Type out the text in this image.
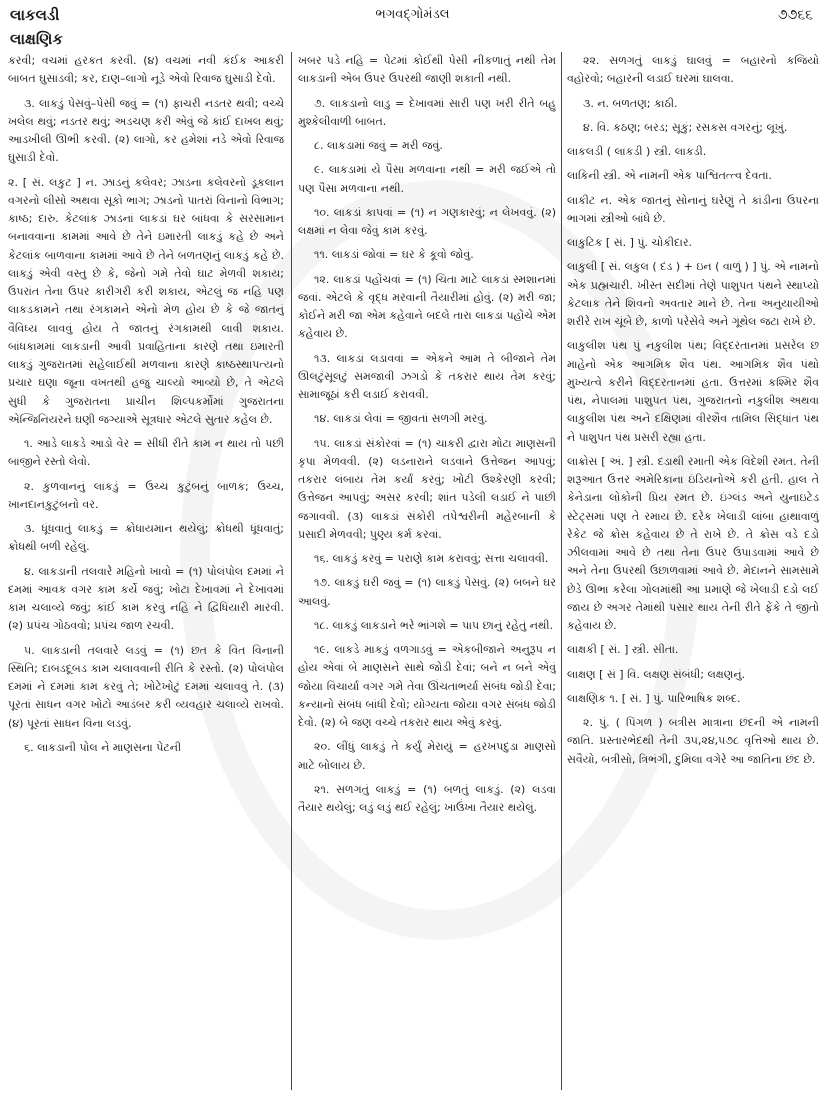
લાકલડી	ભગવદ્ગોમંડલ	૭૭૬૬
લાક્ષણિક

કરવી; વચમાં હરકત કરવી. (૪) વચમાં નવી કંઈક આકરી બાબત ઘુસાડવી; કર, દાણ–લાગો નૂડે એવો રિવાજ ઘુસાડી દેવો.

૩. લાકડું પેસવું–પેસી જવું = (૧) ફાચરી નડતર થવી; વચ્ચે ખલેલ થવું; નડતર થવું; અડચણ કરી એવું જે કાંઈ દાખલ થવું; આડખીલી ઊભી કરવી. (૨) લાગો, કર હમેશાં નડે એવો રિવાજ ઘુસાડી દેવો.

૨. [ સં. લકુટ ] ન. ઝાડનું કલેવર; ઝાડના કલેવરનો ડૂકલાન વગરનો લીસો અથવા સૂકો ભાગ; ઝાડનો પાતરાં વિનાનો વિભાગ; કાષ્ઠ; દારુ. કેટલાંક ઝાડનાં લાકડાં ઘર બાંધવા કે સરસામાન બનાવવાના કામમાં આવે છે તેને ઇમારતી લાકડું કહે છે અને કેટલાંક બાળવાના કામમાં આવે છે તેને બળતણનું લાકડું કહે છે. લાકડું એવી વસ્તુ છે કે, જેનો ગમે તેવો ઘાટ મેળવી શકાય; ઉપરાંત તેના ઉપર કારીગરી કરી શકાય, એટલું જ નહિ પણ લાકડકામને તથા રંગકામને એનો મેળ હોય છે કે જે જાતનું વૈવિધ્ય લાવવું હોય તે જાતનું રંગકામથી લાવી શકાય. બાંધકામમાં લાકડાની આવી પ્રવાહિતાના કારણે તથા ઇમારતી લાકડું ગુજરાતમાં સહેલાઈથી મળવાના કારણે કાષ્ઠસ્થાપત્યનો પ્રચાર ઘણા જૂના વખતથી હજુ ચાલ્યો આવ્યો છે, તે એટલે સુધી કે ગુજરાતના પ્રાચીન શિલ્પકર્મોમાં ગુજરાતના એન્જિનિયરને ઘણી જગ્યાએ સૂત્રધાર એટલે સુતાર કહેલ છે.

૧. આડે લાકડે આડો વેર = સીધી રીતે કામ ન થાય તો પછી બાજીને રસ્તો લેવો.

૨. કુળવાનનું લાકડું = ઉચ્ચ કુટુંબનું બાળક; ઉચ્ચ, ખાનદાનકુટુંબનો વર.

૩. ધૂંધવાતું લાકડું = ક્રોધાયમાન થયેલું; ક્રોધથી ધૂંધવાતું; ક્રોધથી બળી રહેલું.

૪. લાકડાની તલવારે મહિનો ખાવો = (૧) પોલંપોલ દમમાં ને દમમાં આવક વગર કામ કર્યે જવું; ખોટા દેખાવમાં ને દેખાવમાં કામ ચલાવ્યે જવું; કાંઈ કામ કરવું નહિ ને દ્વિધિયારી મારવી. (૨) પ્રપંચ ગોઠવવો; પ્રપંચ જાળ રચવી.

૫. લાકડાની તલવારે લડવું = (૧) છત કે વિત વિનાની સ્થિતિ; દાબડદૂબડ કામ ચલાવવાની રીતિ કે રસ્તો. (૨) પોલંપોલ દમમાં ને દમમાં કામ કરવું તે; ખોટેખોટું દમમાં ચલાવવું તે. (૩) પૂરતાં સાધન વગર ખોટો આડંબર કરી વ્યવહાર ચલાવ્યે રાખવો. (૪) પૂરતાં સાધન વિના લડવું.

૬. લાકડાની પોલ ને માણસના પેટની

ખબર પડે નહિ = પેટમાં કોઈથી પેસી નીકળાતું નથી તેમ લાકડાની એબ ઉપર ઉપરથી જાણી શકાતી નથી.

૭. લાકડાનો લાડુ = દેખાવમાં સારી પણ ખરી રીતે બહુ મુશ્કેલીવાળી બાબત.

૮. લાકડામાં જવું = મરી જવું.

૯. લાકડામાં યે પૈસા મળવાના નથી = મરી જઈએ તો પણ પૈસા મળવાના નથી.

૧૦. લાકડાં કાપવાં = (૧) ન ગણકારવું; ન લેખવવું. (૨) લક્ષમાં ન લેવા જેવું કામ કરવું.

૧૧. લાકડાં જોવાં = ઘર કે કૂવો જોવું.

૧૨. લાકડાં પહોંચવાં = (૧) ચિતા માટે લાકડાં સ્મશાનમાં જવાં. એટલે કે વૃદ્ધ મરવાની તૈયારીમાં હોવું. (૨) મરી જા; કોઈને મરી જા એમ કહેવાને બદલે તારા લાકડાં પહોંચે એમ કહેવાય છે.

૧૩. લાકડાં લડાવવાં = એકને આમ તે બીજાને તેમ ઊલટુંસૂલટું સમજાવી ઝગડો કે તકરાર થાય તેમ કરવું; સામાજૂઠાં કરી લડાઈ કરાવવી.

૧૪. લાકડાં લેવાં = જીવતાં સળગી મરવું.

૧૫. લાકડાં સંકોરવાં = (૧) ચાકરી દ્વારા મોટા માણસની કૃપા મેળવવી. (૨) લડનારાને લડવાને ઉત્તેજન આપવું; તકરાર લંબાય તેમ કર્યાં કરવું; ખોટી ઉશ્કેરણી કરવી; ઉત્તેજન આપવું; અસર કરવી; શાંત પડેલી લડાઈ ને પાછી જગાવવી. (૩) લાકડાં સંકોરી તપેશ્વરીની મહેરબાની કે પ્રસાદી મેળવવી; પુણ્ય કર્મ કરવાં.

૧૬. લાકડું કરવું = પરાણે કામ કરાવવું; સત્તા ચલાવવી.

૧૭. લાકડું ઘરી જવું = (૧) લાકડું પેસવું. (૨) બબને ઘર આલવું.

૧૮. લાકડું લાકડાને ભરે ભાંગશે = પાપ છાનું રહેતું નથી.

૧૯. લાકડે માકડું વળગાડવું = એકબીજાને અનુરૂપ ન હોય એવાં બે માણસને સાથે જોડી દેવાં; બને ન બને એવું જોયા વિચાર્યા વગર ગમે તેવા ઊંચતાભર્યા સંબંધ જોડી દેવા; કન્યાનો સંબંધ બાંધી દેવો; યોગ્યતા જોયા વગર સંબંધ જોડી દેવો. (૨) બે જણ વચ્ચે તકરાર થાય એવું કરવું.

૨૦. લીંધું લાકડું તે કર્યું મેરાયું = હરખપદુડા માણસો માટે બોલાય છે.

૨૧. સળગતું લાકડું = (૧) બળતું લાકડું. (૨) લડવા તૈયાર થયેલું; લડું લડું થઈ રહેલું; ખાઉંખા તૈયાર થયેલું.

૨૨. સળગતું લાકડું ઘાલવું = બહારનો કજિયો વહોરવો; બહારની લડાઈ ઘરમાં ઘાલવા.

૩. ન. બળતણ; કાઠી.

૪. વિ. કઠણ; બરડ; સૂકું; રસકસ વગરનું; લૂખું.

લાકલડી ( લાકડી ) સ્ત્રી. લાકડી.

લાકિની સ્ત્રી. એ નામની એક પાશ્વિતત્ત્વ દેવતા.

લાકીટ ન. એક જાતનું સોનાનું ઘરેણું તે કાંડીના ઉપરના ભાગમાં સ્ત્રીઓ બાંધે છે.

લાકુટિક [ સં. ] પું. ચોકીદાર.

લાકુલી [ સં. લકુલ ( દંડ ) + ઇન ( વાળું ) ] પું. એ નામનો એક પ્રહ્મચારી. ખીસ્ત સદીમાં તેણે પાશુપત પંથને સ્થાપ્યો કેટલાક તેને શિવનો અવતાર માને છે. તેના અનુયાયીઓ શરીરે રાખ ચૂંબે છે, કાળો પરેસેવે અને ગૂંથેલ જટા રાખે છે.

લાકુલીશ પંથ પું નકુલીશ પંથ; વિદ્દરતાનમાં પ્રસરેલ છ માહેનો એક આગમિક શૈવ પંથ. આગમિક શૈવ પંથો મુખ્યત્વે કરીને વિદ્દરતાનમાં હતા. ઉત્તરમાં કશ્મિર શૈવ પંથ, નેપાલમાં પાશુપત પંથ, ગુજરાતનો નકુલીશ અથવા લાકુલીશ પંથ અને દક્ષિણમાં વીરશૈવ તામિલ સિદ્ધાંત પંથ ને પાશુપત પંથ પ્રસરી રહ્યા હતા.

લાક્રોસ [ અં. ] સ્ત્રી. દડાથી રમાતી એક વિદેશી રમત. તેની શરૂઆત ઉત્તર અમેરિકાના ઇંડિયનોએ કરી હતી. હાલ તે કેનેડાના લોકોની પ્રિય રમત છે. ઇંગ્લંડ અને યુનાઇટેડ સ્ટેટ્સમાં પણ તે રમાય છે. દરેક ખેલાડી લાંબા હાથાવાળું રેકેટ જે ક્રોસ કહેવાય છે તે રાખે છે. તે ક્રોસ વડે દડો ઝીલવામાં આવે છે તથા તેના ઉપર ઉપાડવામાં આવે છે અને તેના ઉપરથી ઉછાળવામાં આવે છે. મેદાનને સામસામે છેડે ઊભા કરેલા ગોલમાંથી આ પ્રમાણે જે ખેલાડી દડો લઈ જાય છે અગર તેમાંથી પસાર થાય તેની રીતે ફેંકે તે જીતો કહેવાય છે.

લાક્ષકી [ સં. ] સ્ત્રી. સીતા.

લાક્ષણ [ સં ] વિ. લક્ષણ સંબંધી; લક્ષણનું.

લાક્ષણિક ૧. [ સં. ] પું. પારિભાષિક શબ્દ.

૨. પું. ( પિંગળ ) બત્રીસ માત્રાના છંદની એ નામની જાતિ. પ્રસ્તારભેદથી તેની ૩૫,૨૪,૫૭૮ વૃત્તિઓ થાય છે. સવૈયો, બત્રીસો, ત્રિભંગી, દુમિલા વગેરે આ જાતિના છંદ છે.
